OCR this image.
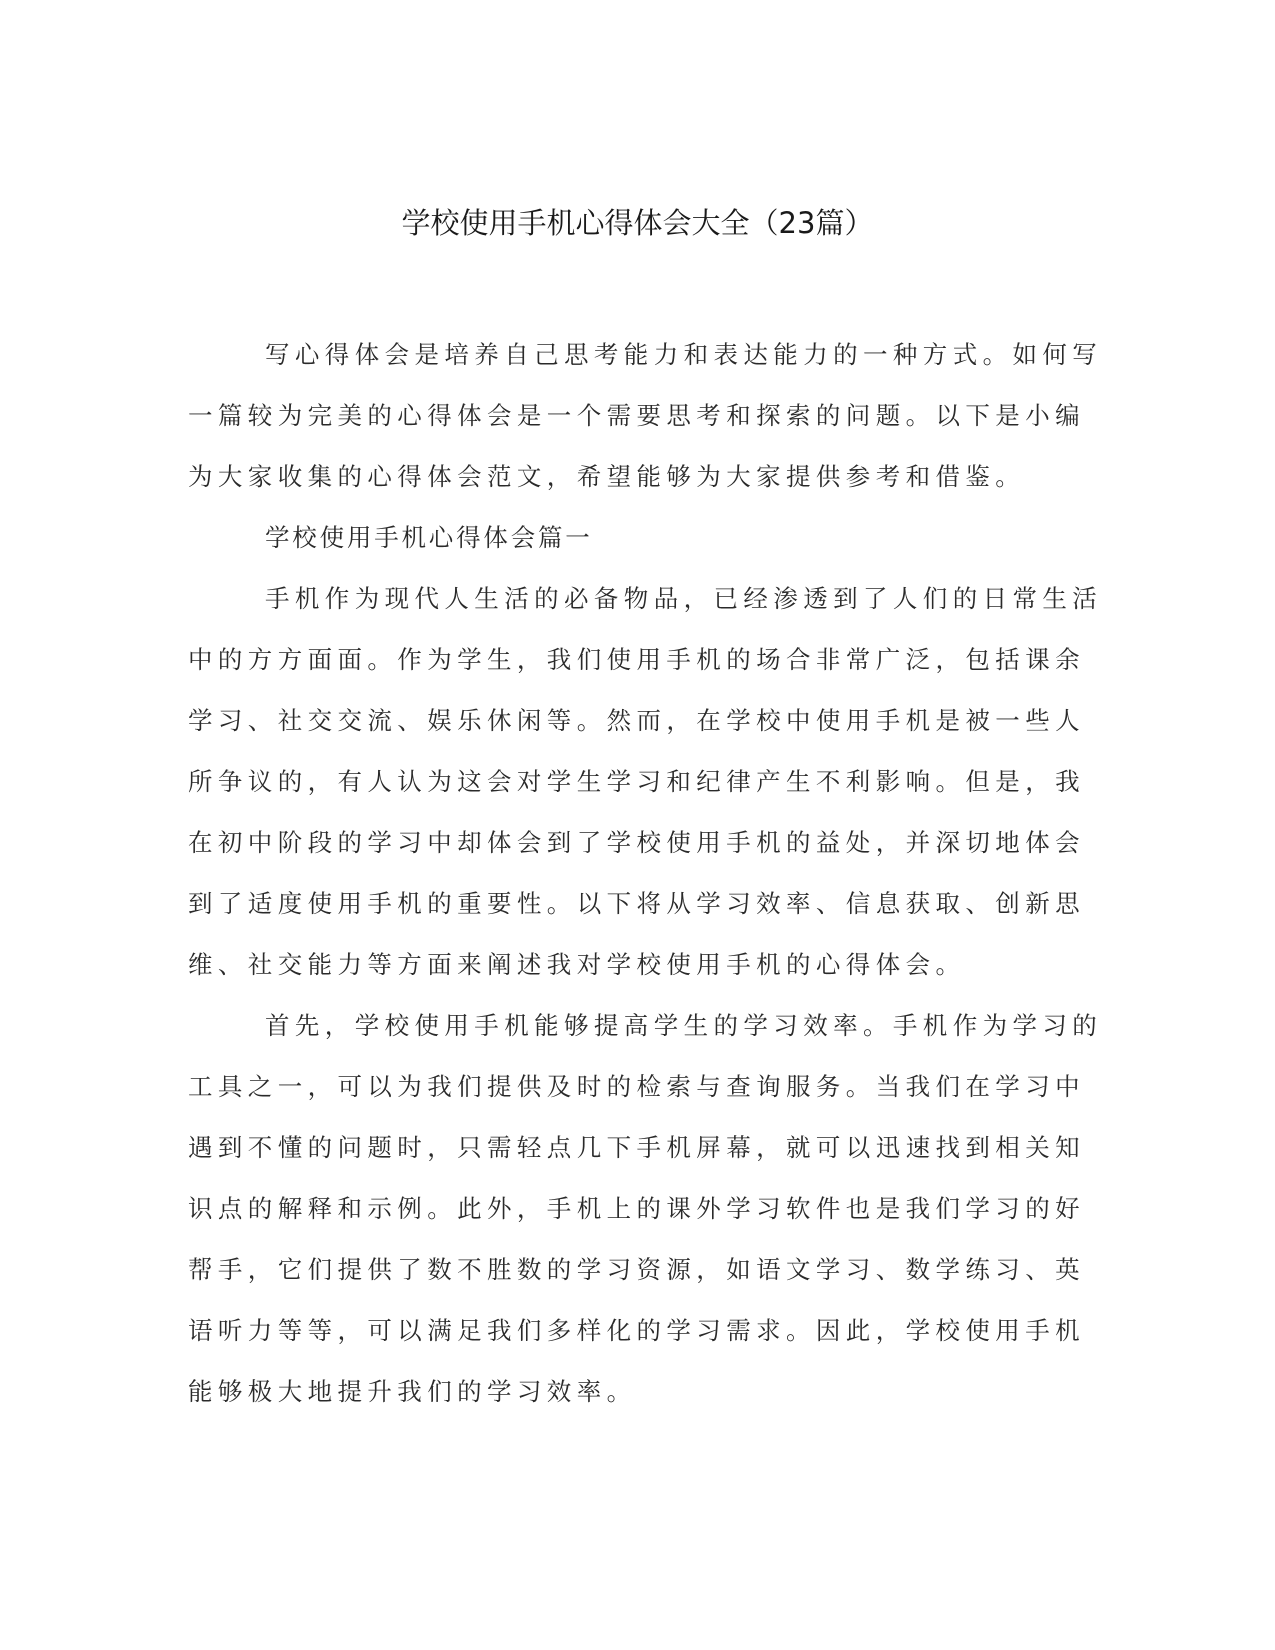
学校使用手机心得体会大全（23篇）
写心得体会是培养自己思考能力和表达能力的一种方式。如何写
一篇较为完美的心得体会是一个需要思考和探索的问题。以下是小编
为大家收集的心得体会范文，希望能够为大家提供参考和借鉴。
学校使用手机心得体会篇一
手机作为现代人生活的必备物品，已经渗透到了人们的日常生活
中的方方面面。作为学生，我们使用手机的场合非常广泛，包括课余
学习、社交交流、娱乐休闲等。然而，在学校中使用手机是被一些人
所争议的，有人认为这会对学生学习和纪律产生不利影响。但是，我
在初中阶段的学习中却体会到了学校使用手机的益处，并深切地体会
到了适度使用手机的重要性。以下将从学习效率、信息获取、创新思
维、社交能力等方面来阐述我对学校使用手机的心得体会。
首先，学校使用手机能够提高学生的学习效率。手机作为学习的
工具之一，可以为我们提供及时的检索与查询服务。当我们在学习中
遇到不懂的问题时，只需轻点几下手机屏幕，就可以迅速找到相关知
识点的解释和示例。此外，手机上的课外学习软件也是我们学习的好
帮手，它们提供了数不胜数的学习资源，如语文学习、数学练习、英
语听力等等，可以满足我们多样化的学习需求。因此，学校使用手机
能够极大地提升我们的学习效率。
